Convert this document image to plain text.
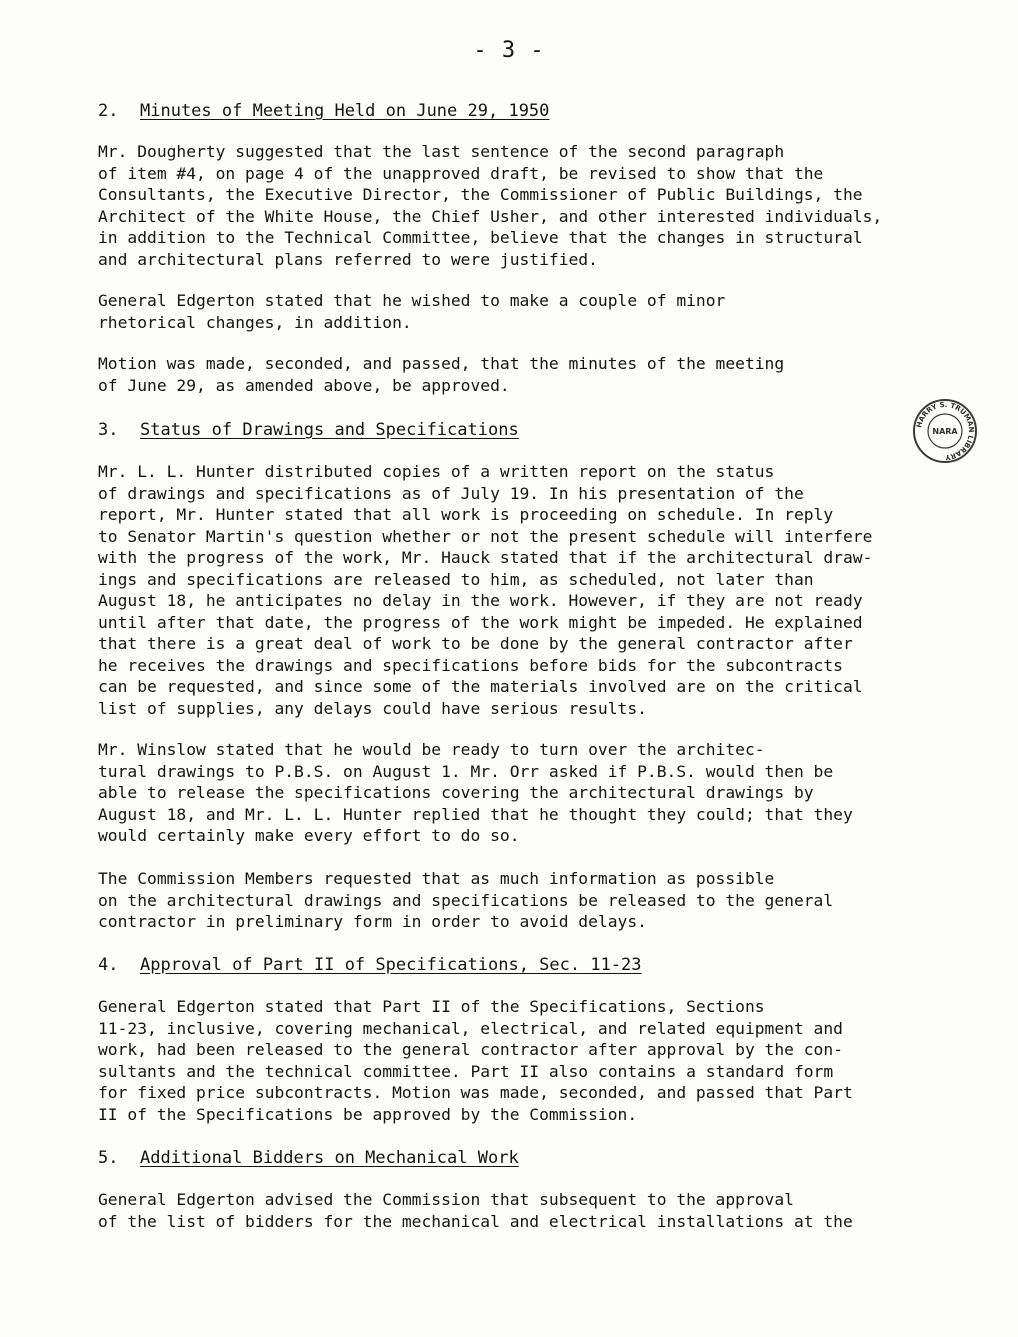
- 3 -
2. Minutes of Meeting Held on June 29, 1950
Mr. Dougherty suggested that the last sentence of the second paragraph
of item #4, on page 4 of the unapproved draft, be revised to show that the
Consultants, the Executive Director, the Commissioner of Public Buildings, the
Architect of the White House, the Chief Usher, and other interested individuals,
in addition to the Technical Committee, believe that the changes in structural
and architectural plans referred to were justified.
General Edgerton stated that he wished to make a couple of minor
rhetorical changes, in addition.
Motion was made, seconded, and passed, that the minutes of the meeting
of June 29, as amended above, be approved.
3. Status of Drawings and Specifications
Mr. L. L. Hunter distributed copies of a written report on the status
of drawings and specifications as of July 19. In his presentation of the
report, Mr. Hunter stated that all work is proceeding on schedule. In reply
to Senator Martin's question whether or not the present schedule will interfere
with the progress of the work, Mr. Hauck stated that if the architectural draw-
ings and specifications are released to him, as scheduled, not later than
August 18, he anticipates no delay in the work. However, if they are not ready
until after that date, the progress of the work might be impeded. He explained
that there is a great deal of work to be done by the general contractor after
he receives the drawings and specifications before bids for the subcontracts
can be requested, and since some of the materials involved are on the critical
list of supplies, any delays could have serious results.
Mr. Winslow stated that he would be ready to turn over the architec-
tural drawings to P.B.S. on August 1. Mr. Orr asked if P.B.S. would then be
able to release the specifications covering the architectural drawings by
August 18, and Mr. L. L. Hunter replied that he thought they could; that they
would certainly make every effort to do so.
The Commission Members requested that as much information as possible
on the architectural drawings and specifications be released to the general
contractor in preliminary form in order to avoid delays.
4. Approval of Part II of Specifications, Sec. 11-23
General Edgerton stated that Part II of the Specifications, Sections
11-23, inclusive, covering mechanical, electrical, and related equipment and
work, had been released to the general contractor after approval by the con-
sultants and the technical committee. Part II also contains a standard form
for fixed price subcontracts. Motion was made, seconded, and passed that Part
II of the Specifications be approved by the Commission.
5. Additional Bidders on Mechanical Work
General Edgerton advised the Commission that subsequent to the approval
of the list of bidders for the mechanical and electrical installations at the
HARRY S. TRUMAN LIBRARY
NARA
